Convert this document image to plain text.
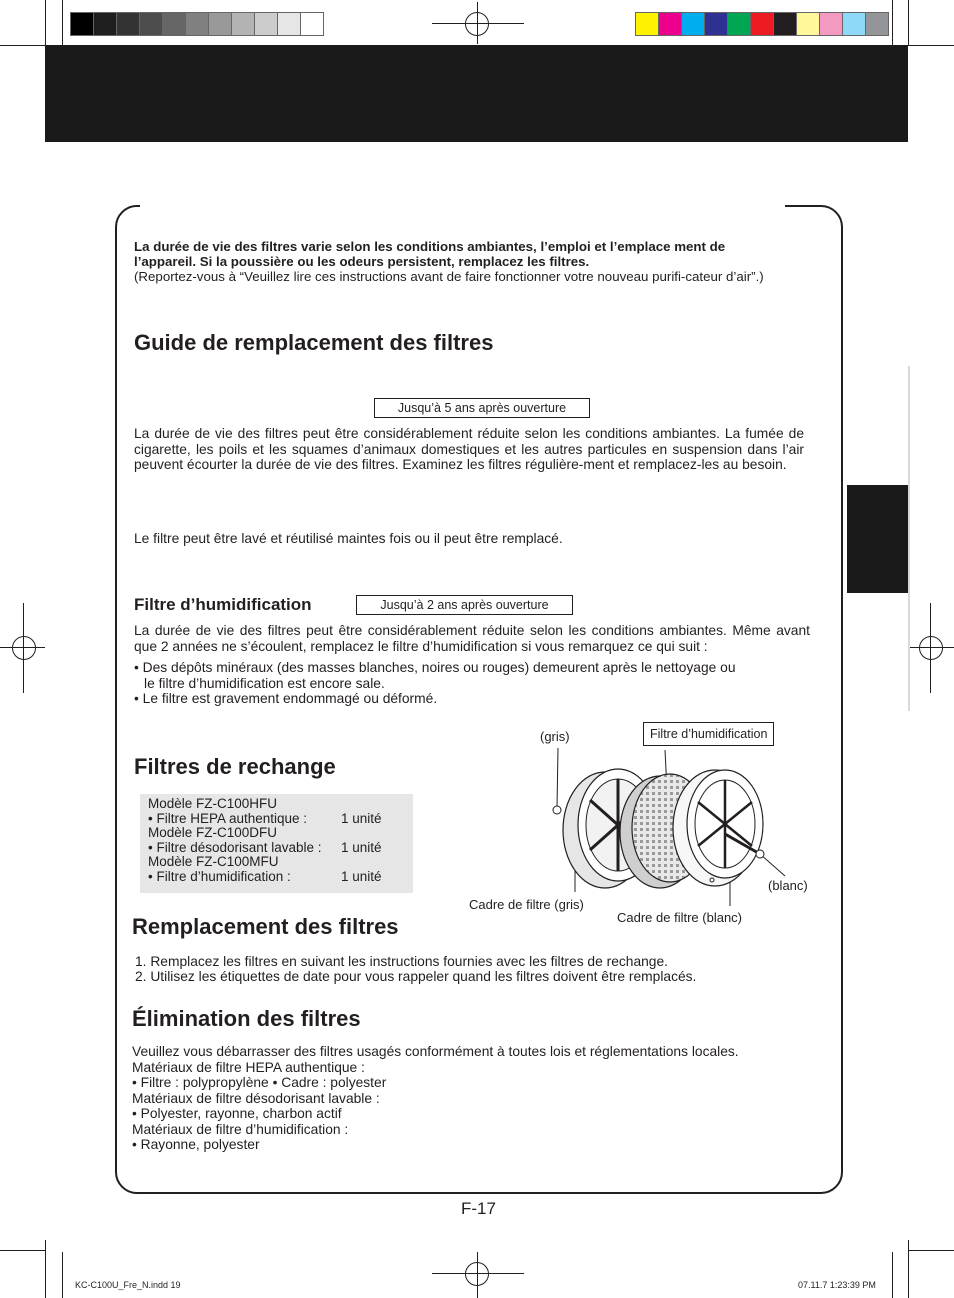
La durée de vie des filtres varie selon les conditions ambiantes, l’emploi et l’emplace ment de l’appareil. Si la poussière ou les odeurs persistent, remplacez les filtres.
(Reportez-vous à “Veuillez lire ces instructions avant de faire fonctionner votre nouveau purifi-cateur d’air”.)
Guide de remplacement des filtres
Jusqu’à 5 ans après ouverture
La durée de vie des filtres peut être considérablement réduite selon les conditions ambiantes. La fumée de cigarette, les poils et les squames d’animaux domestiques et les autres particules en suspension dans l’air peuvent écourter la durée de vie des filtres. Examinez les filtres régulière-ment et remplacez-les au besoin.
Le filtre peut être lavé et réutilisé maintes fois ou il peut être remplacé.
Filtre d’humidification	Jusqu’à 2 ans après ouverture
La durée de vie des filtres peut être considérablement réduite selon les conditions ambiantes. Même avant que 2 années ne s’écoulent, remplacez le filtre d’humidification si vous remarquez ce qui suit :
• Des dépôts minéraux (des masses blanches, noires ou rouges) demeurent après le nettoyage ou
le filtre d’humidification est encore sale.
• Le filtre est gravement endommagé ou déformé.
Filtres de rechange
Modèle FZ-C100HFU
• Filtre HEPA authentique :	1 unité
Modèle FZ-C100DFU
• Filtre désodorisant lavable : 1 unité
Modèle FZ-C100MFU
• Filtre d’humidification :	1 unité
(gris)	Filtre d’humidification
(blanc)
Cadre de filtre (gris)
Cadre de filtre (blanc)
Remplacement des filtres
1. Remplacez les filtres en suivant les instructions fournies avec les filtres de rechange.
2. Utilisez les étiquettes de date pour vous rappeler quand les filtres doivent être remplacés.
Élimination des filtres
Veuillez vous débarrasser des filtres usagés conformément à toutes lois et réglementations locales.
Matériaux de filtre HEPA authentique :
• Filtre : polypropylène • Cadre : polyester
Matériaux de filtre désodorisant lavable :
• Polyester, rayonne, charbon actif
Matériaux de filtre d’humidification :
• Rayonne, polyester
F-17
KC-C100U_Fre_N.indd 19	07.11.7 1:23:39 PM
